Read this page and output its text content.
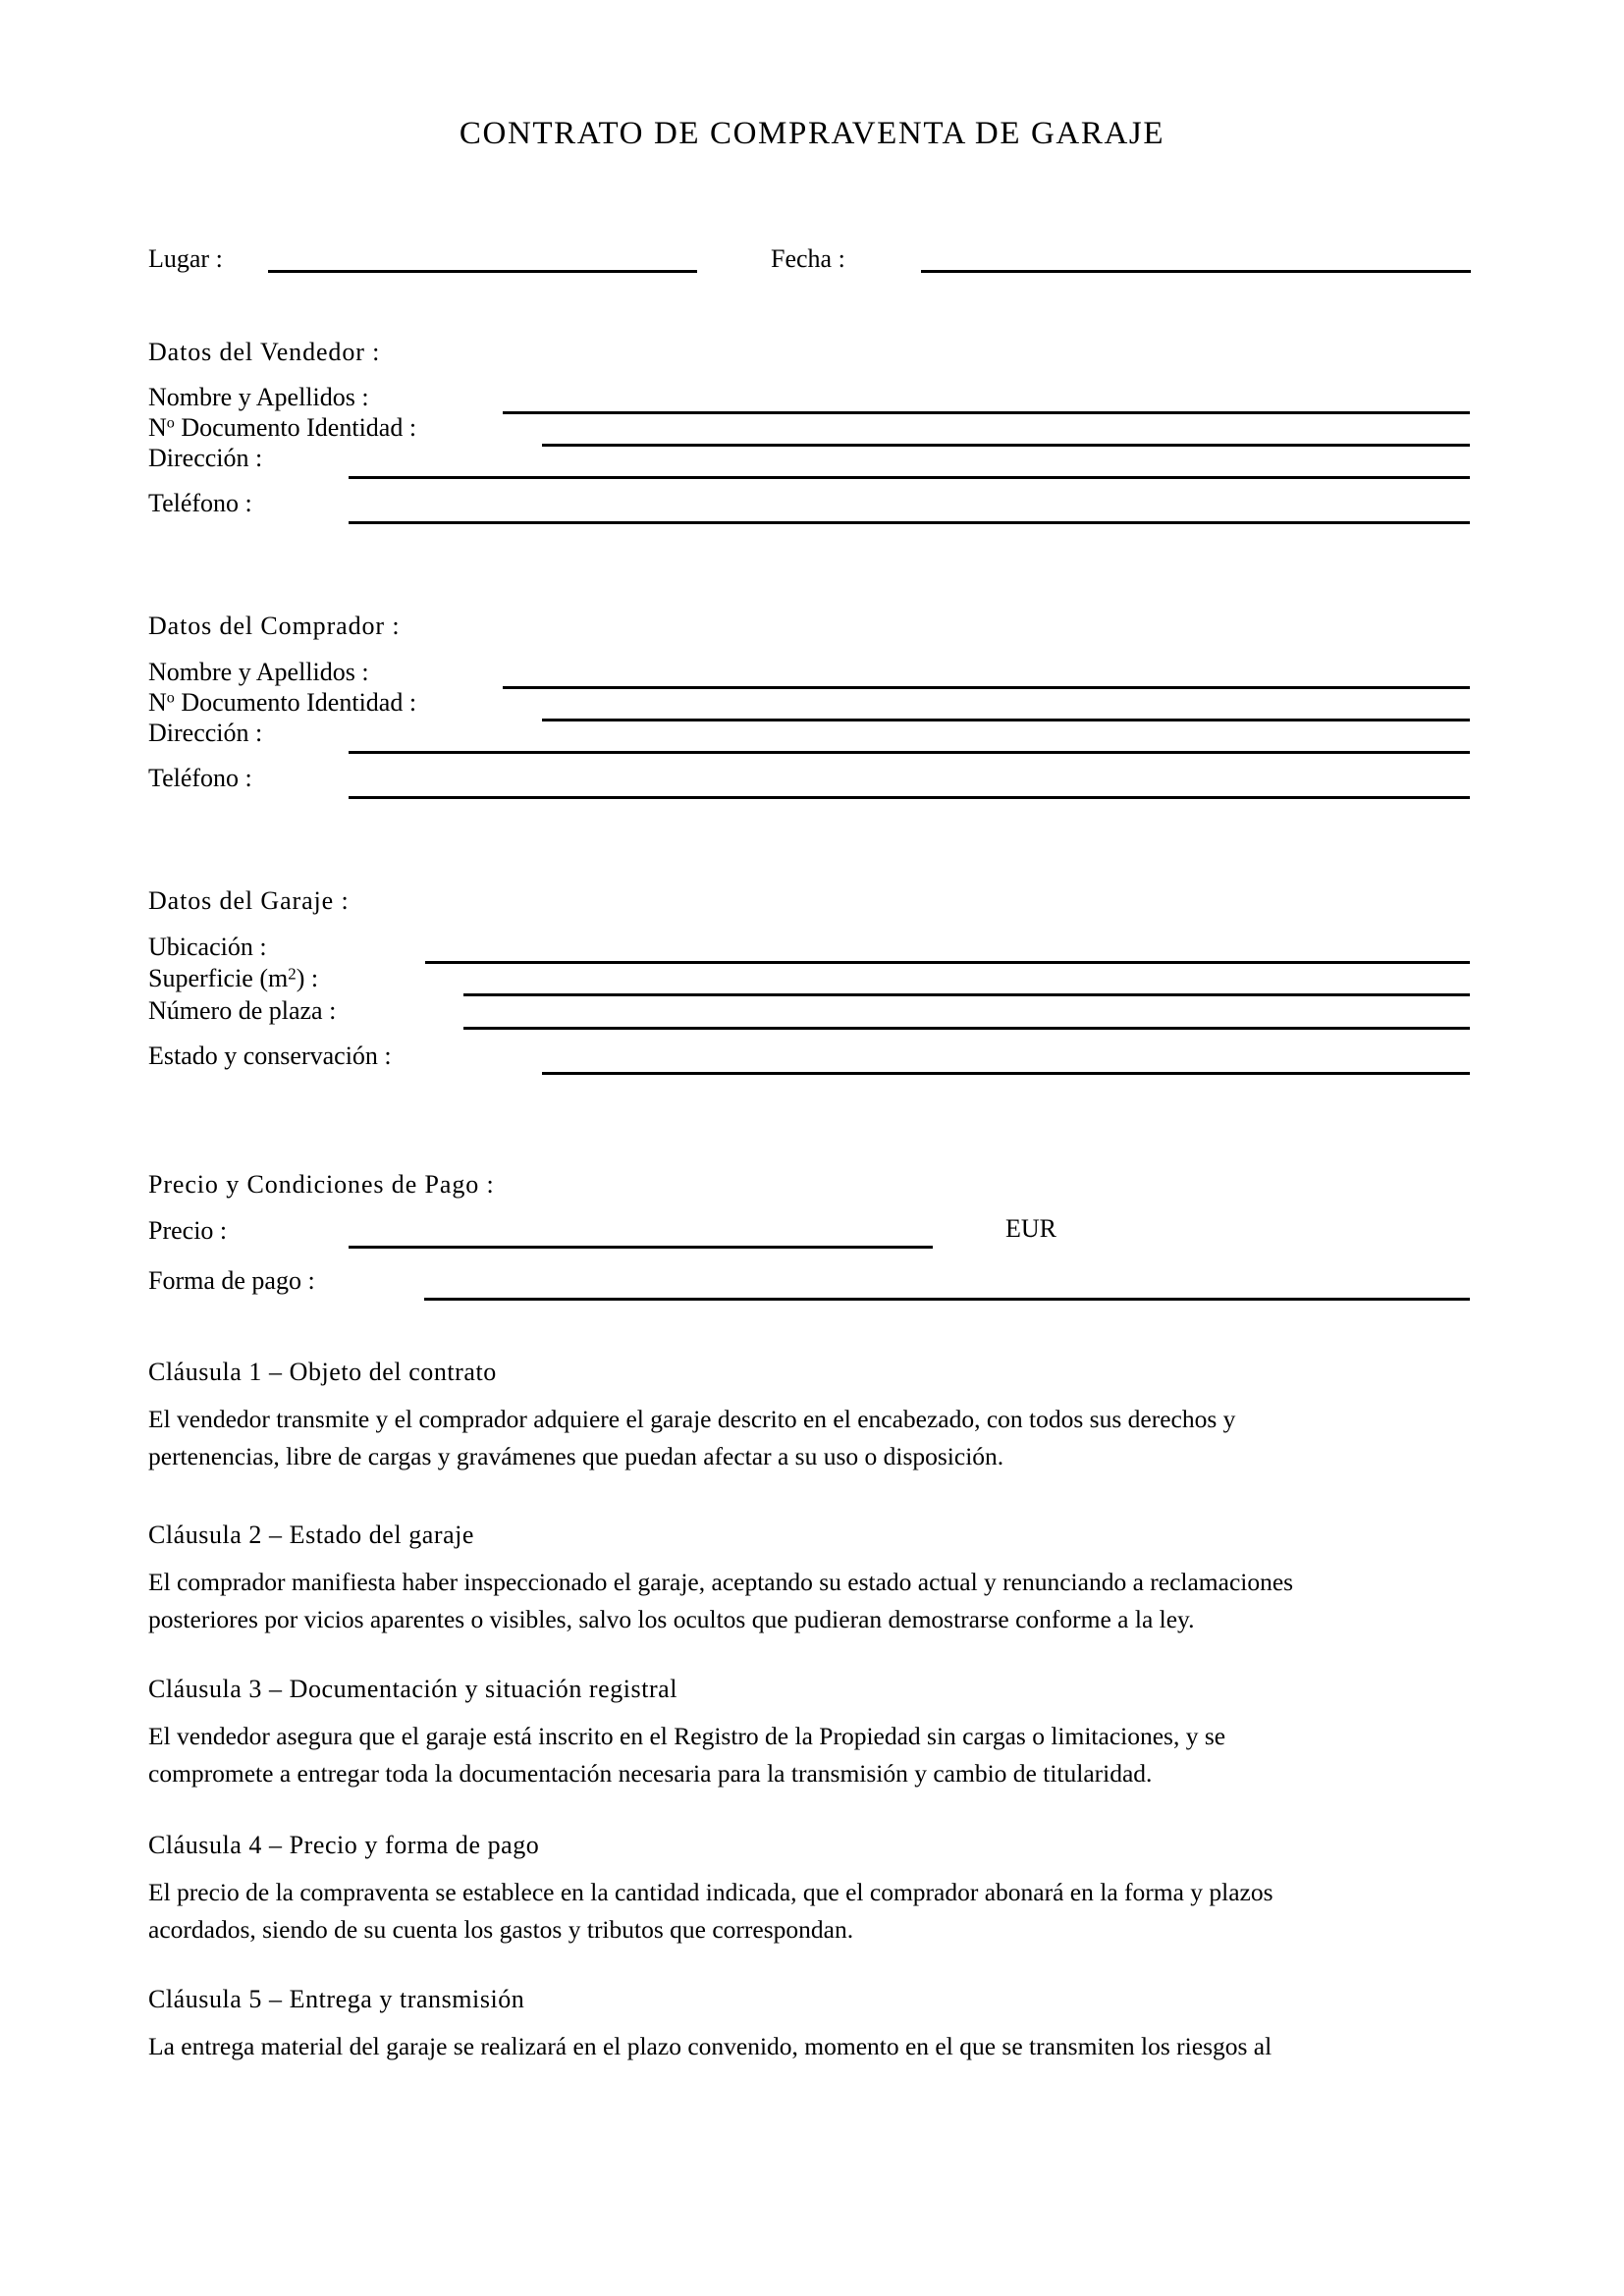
CONTRATO DE COMPRAVENTA DE GARAJE
Lugar :	Fecha :
Datos del Vendedor :
Nombre y Apellidos :
$N^o$ Documento Identidad :
Dirección :
Teléfono :
Datos del Comprador :
Nombre y Apellidos :
$N^o$ Documento Identidad :
Dirección :
Teléfono :
Datos del Garaje :
Ubicación :
Superficie $(m^2)$ :
Número de plaza :
Estado y conservación :
Precio y Condiciones de Pago :
Precio :	EUR
Forma de pago :
Cláusula 1 – Objeto del contrato
El vendedor transmite y el comprador adquiere el garaje descrito en el encabezado, con todos sus derechos y
pertenencias, libre de cargas y gravámenes que puedan afectar a su uso o disposición.
Cláusula 2 – Estado del garaje
El comprador manifiesta haber inspeccionado el garaje, aceptando su estado actual y renunciando a reclamaciones
posteriores por vicios aparentes o visibles, salvo los ocultos que pudieran demostrarse conforme a la ley.
Cláusula 3 – Documentación y situación registral
El vendedor asegura que el garaje está inscrito en el Registro de la Propiedad sin cargas o limitaciones, y se
compromete a entregar toda la documentación necesaria para la transmisión y cambio de titularidad.
Cláusula 4 – Precio y forma de pago
El precio de la compraventa se establece en la cantidad indicada, que el comprador abonará en la forma y plazos
acordados, siendo de su cuenta los gastos y tributos que correspondan.
Cláusula 5 – Entrega y transmisión
La entrega material del garaje se realizará en el plazo convenido, momento en el que se transmiten los riesgos al
